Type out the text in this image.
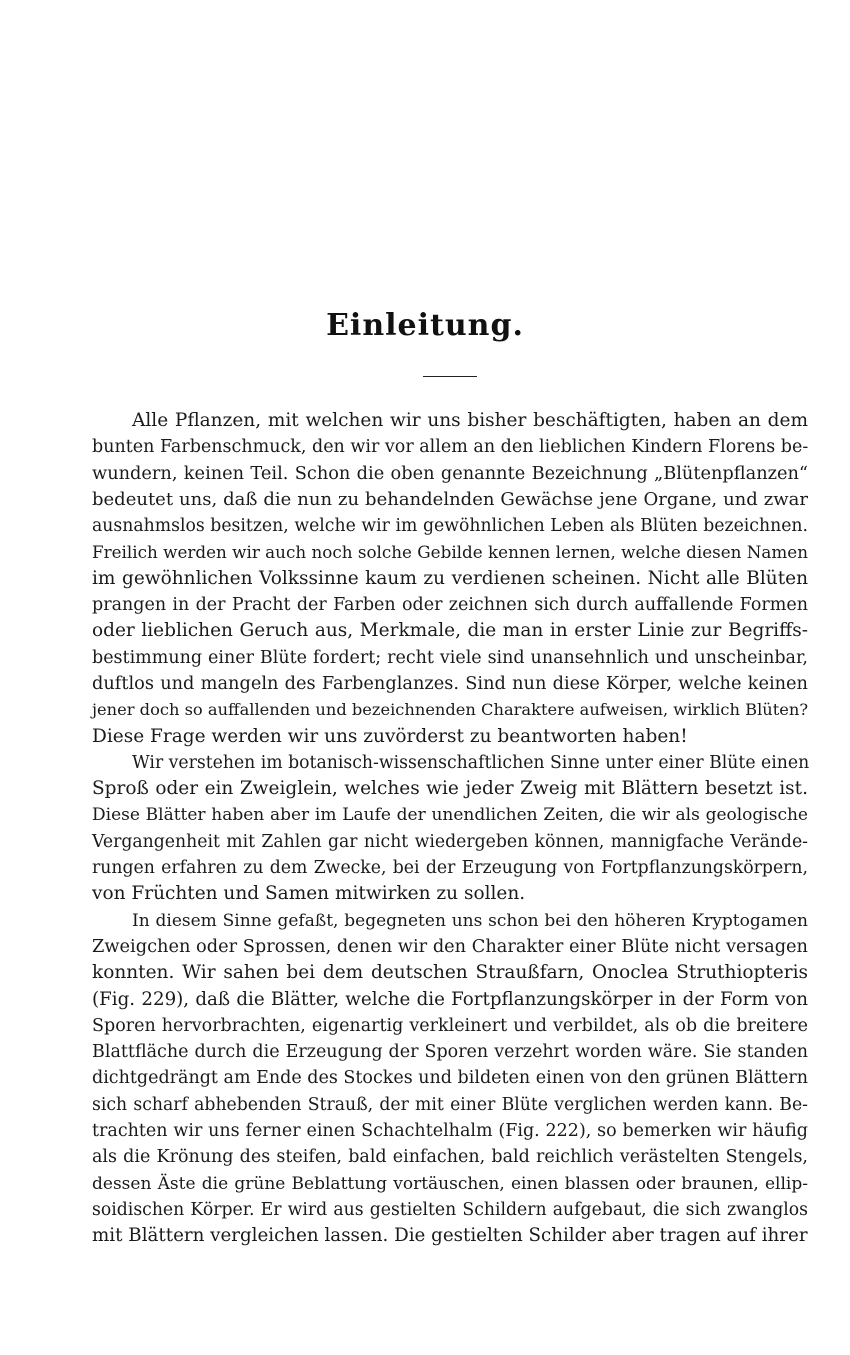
Einleitung.
Alle Pflanzen, mit welchen wir uns bisher beschäftigten, haben an dem
bunten Farbenschmuck, den wir vor allem an den lieblichen Kindern Florens be-
wundern, keinen Teil. Schon die oben genannte Bezeichnung „Blütenpflanzen“
bedeutet uns, daß die nun zu behandelnden Gewächse jene Organe, und zwar
ausnahmslos besitzen, welche wir im gewöhnlichen Leben als Blüten bezeichnen.
Freilich werden wir auch noch solche Gebilde kennen lernen, welche diesen Namen
im gewöhnlichen Volkssinne kaum zu verdienen scheinen. Nicht alle Blüten
prangen in der Pracht der Farben oder zeichnen sich durch auffallende Formen
oder lieblichen Geruch aus, Merkmale, die man in erster Linie zur Begriffs-
bestimmung einer Blüte fordert; recht viele sind unansehnlich und unscheinbar,
duftlos und mangeln des Farbenglanzes. Sind nun diese Körper, welche keinen
jener doch so auffallenden und bezeichnenden Charaktere aufweisen, wirklich Blüten?
Diese Frage werden wir uns zuvörderst zu beantworten haben!
Wir verstehen im botanisch-wissenschaftlichen Sinne unter einer Blüte einen
Sproß oder ein Zweiglein, welches wie jeder Zweig mit Blättern besetzt ist.
Diese Blätter haben aber im Laufe der unendlichen Zeiten, die wir als geologische
Vergangenheit mit Zahlen gar nicht wiedergeben können, mannigfache Verände-
rungen erfahren zu dem Zwecke, bei der Erzeugung von Fortpflanzungskörpern,
von Früchten und Samen mitwirken zu sollen.
In diesem Sinne gefaßt, begegneten uns schon bei den höheren Kryptogamen
Zweigchen oder Sprossen, denen wir den Charakter einer Blüte nicht versagen
konnten. Wir sahen bei dem deutschen Straußfarn, Onoclea Struthiopteris
(Fig. 229), daß die Blätter, welche die Fortpflanzungskörper in der Form von
Sporen hervorbrachten, eigenartig verkleinert und verbildet, als ob die breitere
Blattfläche durch die Erzeugung der Sporen verzehrt worden wäre. Sie standen
dichtgedrängt am Ende des Stockes und bildeten einen von den grünen Blättern
sich scharf abhebenden Strauß, der mit einer Blüte verglichen werden kann. Be-
trachten wir uns ferner einen Schachtelhalm (Fig. 222), so bemerken wir häufig
als die Krönung des steifen, bald einfachen, bald reichlich verästelten Stengels,
dessen Äste die grüne Beblattung vortäuschen, einen blassen oder braunen, ellip-
soidischen Körper. Er wird aus gestielten Schildern aufgebaut, die sich zwanglos
mit Blättern vergleichen lassen. Die gestielten Schilder aber tragen auf ihrer
